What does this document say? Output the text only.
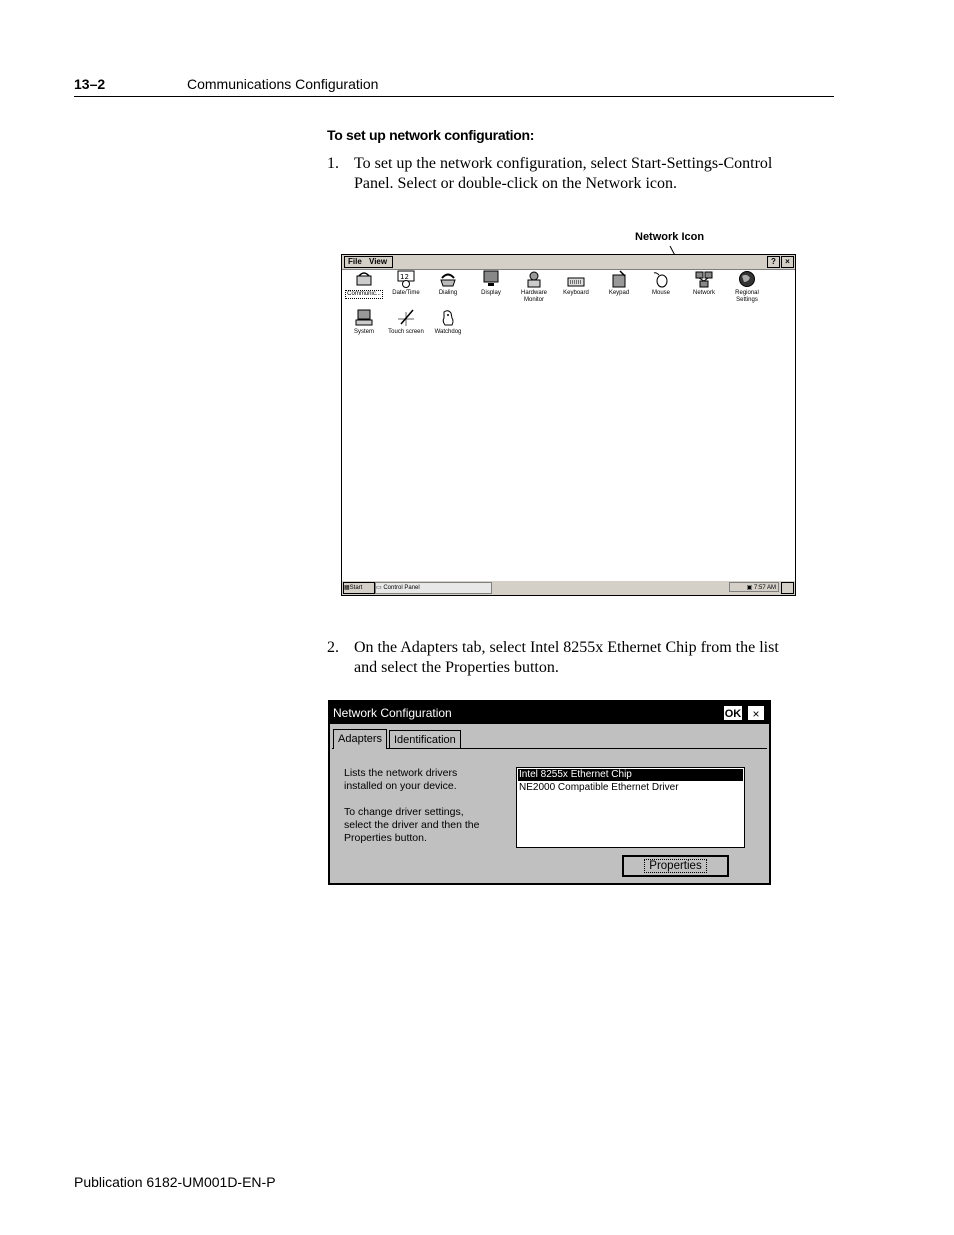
13–2	Communications Configuration
To set up network configuration:
1. To set up the network configuration, select Start-Settings-Control
Panel. Select or double-click on the Network icon.
Network Icon
File View	?	×
Communic...
12
Date/Time	Dialing	Display	Hardware Monitor
Keyboard	Keypad	Mouse	Network	Regional Settings
System	Touch screen	Watchdog
▦Start	▭ Control Panel	▣ 7:57 AM
2. On the Adapters tab, select Intel 8255x Ethernet Chip from the list
and select the Properties button.
Network Configuration	OK ×
Adapters	Identification
Lists the network drivers
installed on your device.
To change driver settings,
select the driver and then the
Properties button.
Intel 8255x Ethernet Chip
NE2000 Compatible Ethernet Driver
Properties
Publication 6182-UM001D-EN-P
